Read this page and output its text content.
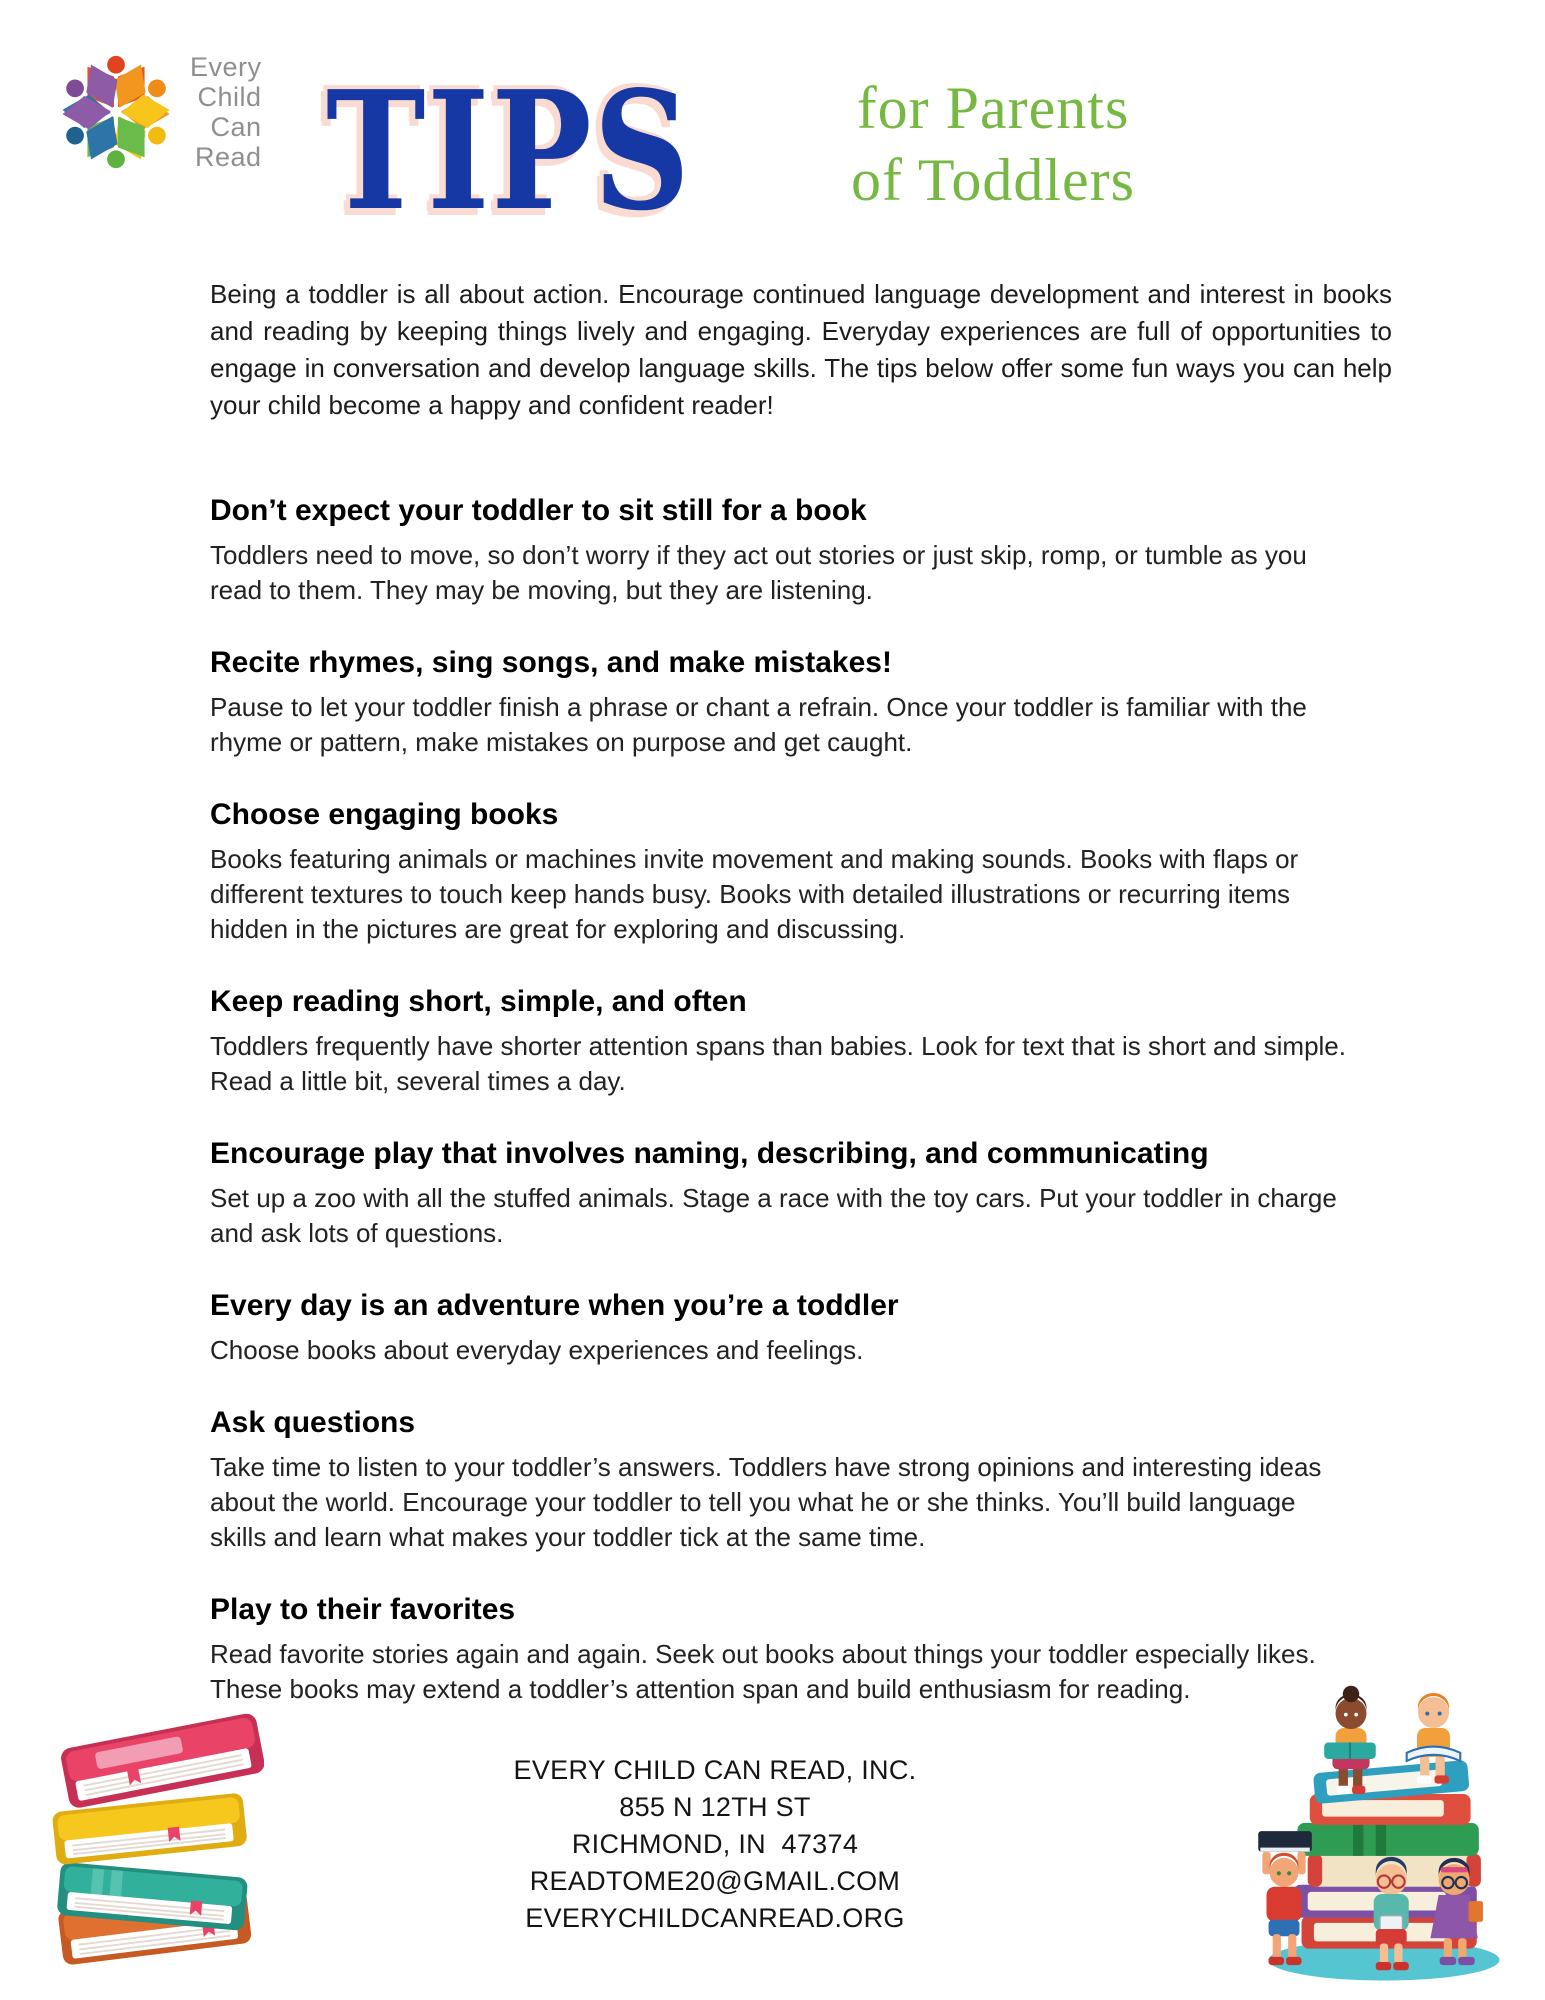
Every
Child
Can
Read TIPS	for Parents
of Toddlers

Being a toddler is all about action. Encourage continued language development and interest in books and reading by keeping things lively and engaging. Everyday experiences are full of opportunities to engage in conversation and develop language skills. The tips below offer some fun ways you can help your child become a happy and confident reader!

Don’t expect your toddler to sit still for a book

Toddlers need to move, so don’t worry if they act out stories or just skip, romp, or tumble as you read to them. They may be moving, but they are listening.

Recite rhymes, sing songs, and make mistakes!

Pause to let your toddler finish a phrase or chant a refrain. Once your toddler is familiar with the rhyme or pattern, make mistakes on purpose and get caught.

Choose engaging books

Books featuring animals or machines invite movement and making sounds. Books with flaps or different textures to touch keep hands busy. Books with detailed illustrations or recurring items hidden in the pictures are great for exploring and discussing.

Keep reading short, simple, and often

Toddlers frequently have shorter attention spans than babies. Look for text that is short and simple. Read a little bit, several times a day.

Encourage play that involves naming, describing, and communicating

Set up a zoo with all the stuffed animals. Stage a race with the toy cars. Put your toddler in charge and ask lots of questions.

Every day is an adventure when you’re a toddler

Choose books about everyday experiences and feelings.

Ask questions

Take time to listen to your toddler’s answers. Toddlers have strong opinions and interesting ideas about the world. Encourage your toddler to tell you what he or she thinks. You’ll build language skills and learn what makes your toddler tick at the same time.

Play to their favorites

Read favorite stories again and again. Seek out books about things your toddler especially likes. These books may extend a toddler’s attention span and build enthusiasm for reading.

EVERY CHILD CAN READ, INC.
855 N 12TH ST
RICHMOND, IN  47374
READTOME20@GMAIL.COM
EVERYCHILDCANREAD.ORG
